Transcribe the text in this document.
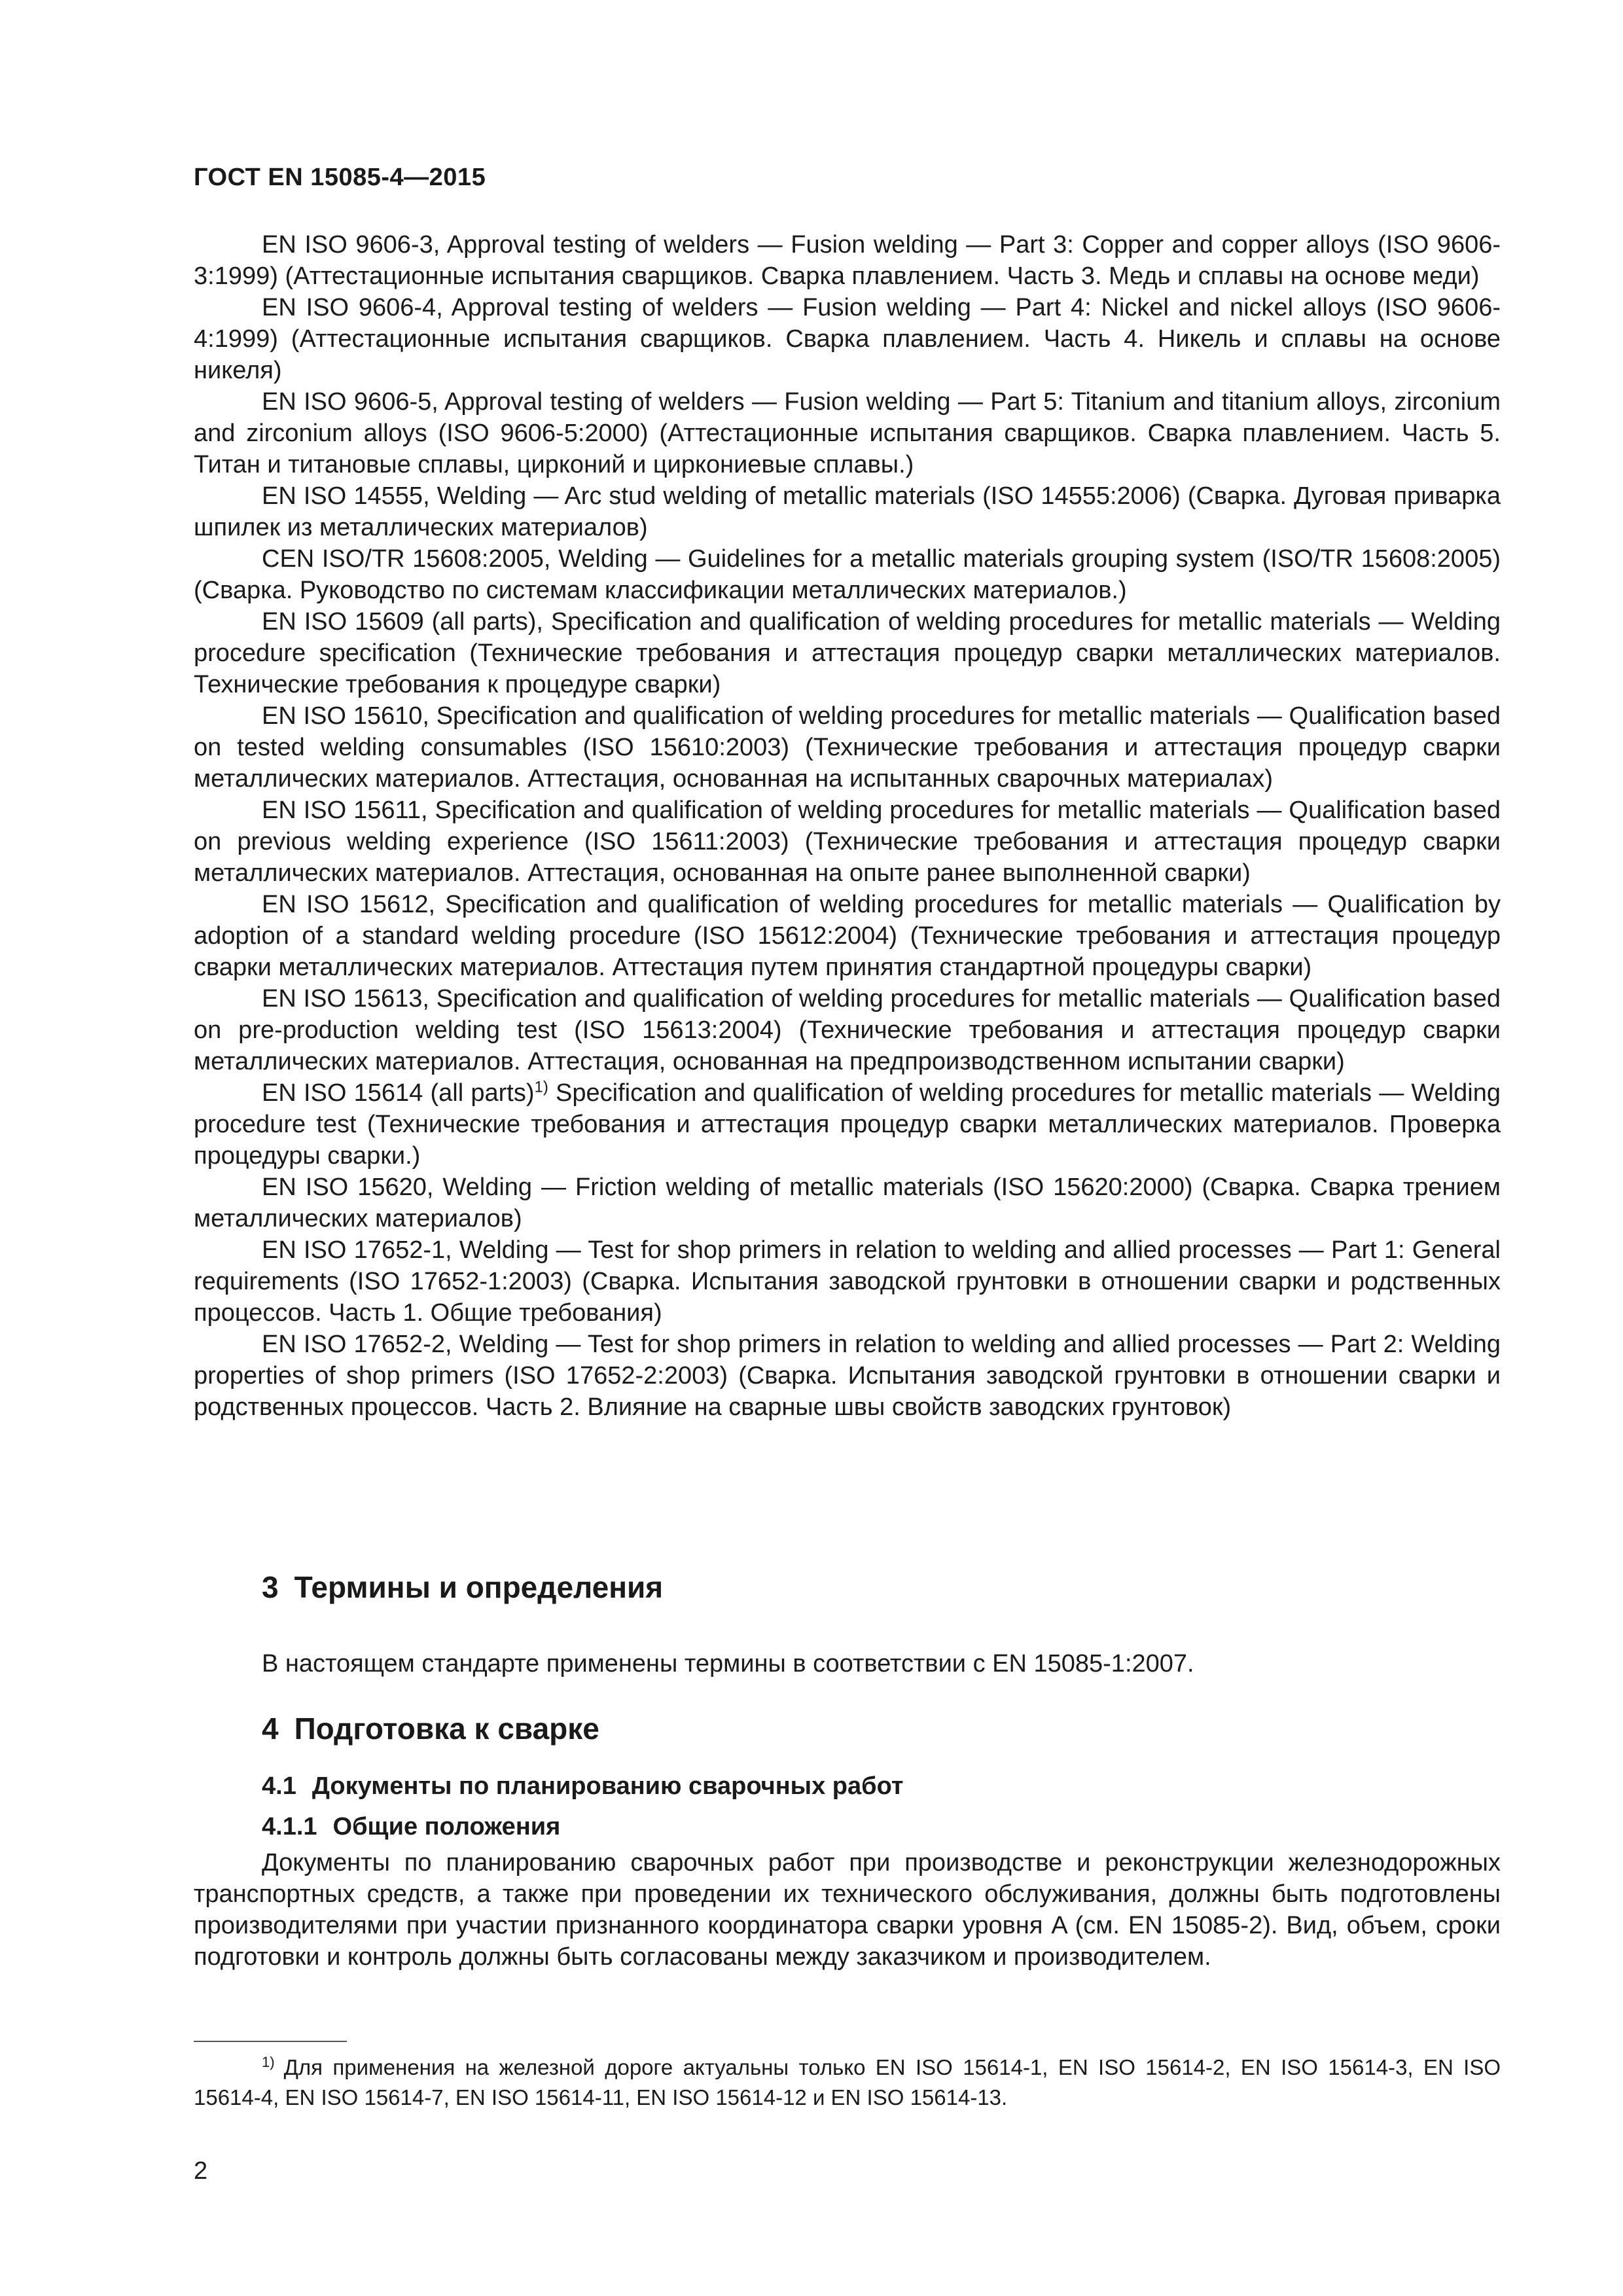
ГОСТ EN 15085-4—2015

EN ISO 9606-3, Approval testing of welders — Fusion welding — Part 3: Copper and copper alloys (ISO 9606-3:1999) (Аттестационные испытания сварщиков. Сварка плавлением. Часть 3. Медь и сплавы на основе меди)

EN ISO 9606-4, Approval testing of welders — Fusion welding — Part 4: Nickel and nickel alloys (ISO 9606- 4:1999) (Аттестационные испытания сварщиков. Сварка плавлением. Часть 4. Никель и сплавы на основе никеля)

EN ISO 9606-5, Approval testing of welders — Fusion welding — Part 5: Titanium and titanium alloys, zirconium and zirconium alloys (ISO 9606-5:2000) (Аттестационные испытания сварщиков. Сварка плавлением. Часть 5. Титан и титановые сплавы, цирконий и циркониевые сплавы.)

EN ISO 14555, Welding — Arc stud welding of metallic materials (ISO 14555:2006) (Сварка. Дуговая приварка шпилек из металлических материалов)

CEN ISO/TR 15608:2005, Welding — Guidelines for a metallic materials grouping system (ISO/TR 15608:2005) (Сварка. Руководство по системам классификации металлических материалов.)

EN ISO 15609 (all parts), Specification and qualification of welding procedures for metallic materials — Welding procedure specification (Технические требования и аттестация процедур сварки металлических материалов. Технические требования к процедуре сварки)

EN ISO 15610, Specification and qualification of welding procedures for metallic materials — Qualification based on tested welding consumables (ISO 15610:2003) (Технические требования и аттестация процедур сварки металлических материалов. Аттестация, основанная на испытанных сварочных материалах)

EN ISO 15611, Specification and qualification of welding procedures for metallic materials — Qualification based on previous welding experience (ISO 15611:2003) (Технические требования и аттестация процедур сварки металлических материалов. Аттестация, основанная на опыте ранее выполненной сварки)

EN ISO 15612, Specification and qualification of welding procedures for metallic materials — Qualification by adoption of a standard welding procedure (ISO 15612:2004) (Технические требования и аттестация процедур сварки металлических материалов. Аттестация путем принятия стандартной процедуры сварки)

EN ISO 15613, Specification and qualification of welding procedures for metallic materials — Qualification based on pre-production welding test (ISO 15613:2004) (Технические требования и аттестация процедур сварки металлических материалов. Аттестация, основанная на предпроизводственном испытании сварки)

EN ISO 15614 (all parts)$^{1)}$ Specification and qualification of welding procedures for metallic materials — Welding procedure test (Технические требования и аттестация процедур сварки металлических материалов. Проверка процедуры сварки.)

EN ISO 15620, Welding — Friction welding of metallic materials (ISO 15620:2000) (Сварка. Сварка трением металлических материалов)

EN ISO 17652-1, Welding — Test for shop primers in relation to welding and allied processes — Part 1: General requirements (ISO 17652-1:2003) (Сварка. Испытания заводской грунтовки в отношении сварки и родственных процессов. Часть 1. Общие требования)

EN ISO 17652-2, Welding — Test for shop primers in relation to welding and allied processes — Part 2: Welding properties of shop primers (ISO 17652-2:2003) (Сварка. Испытания заводской грунтовки в отношении сварки и родственных процессов. Часть 2. Влияние на сварные швы свойств заводских грунтовок)

3 Термины и определения

В настоящем стандарте применены термины в соответствии с EN 15085-1:2007.

4 Подготовка к сварке
4.1 Документы по планированию сварочных работ
4.1.1 Общие положения

Документы по планированию сварочных работ при производстве и реконструкции железнодорожных транспортных средств, а также при проведении их технического обслуживания, должны быть подготовлены производителями при участии признанного координатора сварки уровня A (см. EN 15085-2). Вид, объем, сроки подготовки и контроль должны быть согласованы между заказчиком и производителем.

$^{1)}$ Для применения на железной дороге актуальны только EN ISO 15614-1, EN ISO 15614-2, EN ISO 15614-3, EN ISO 15614-4, EN ISO 15614-7, EN ISO 15614-11, EN ISO 15614-12 и EN ISO 15614-13.

2
